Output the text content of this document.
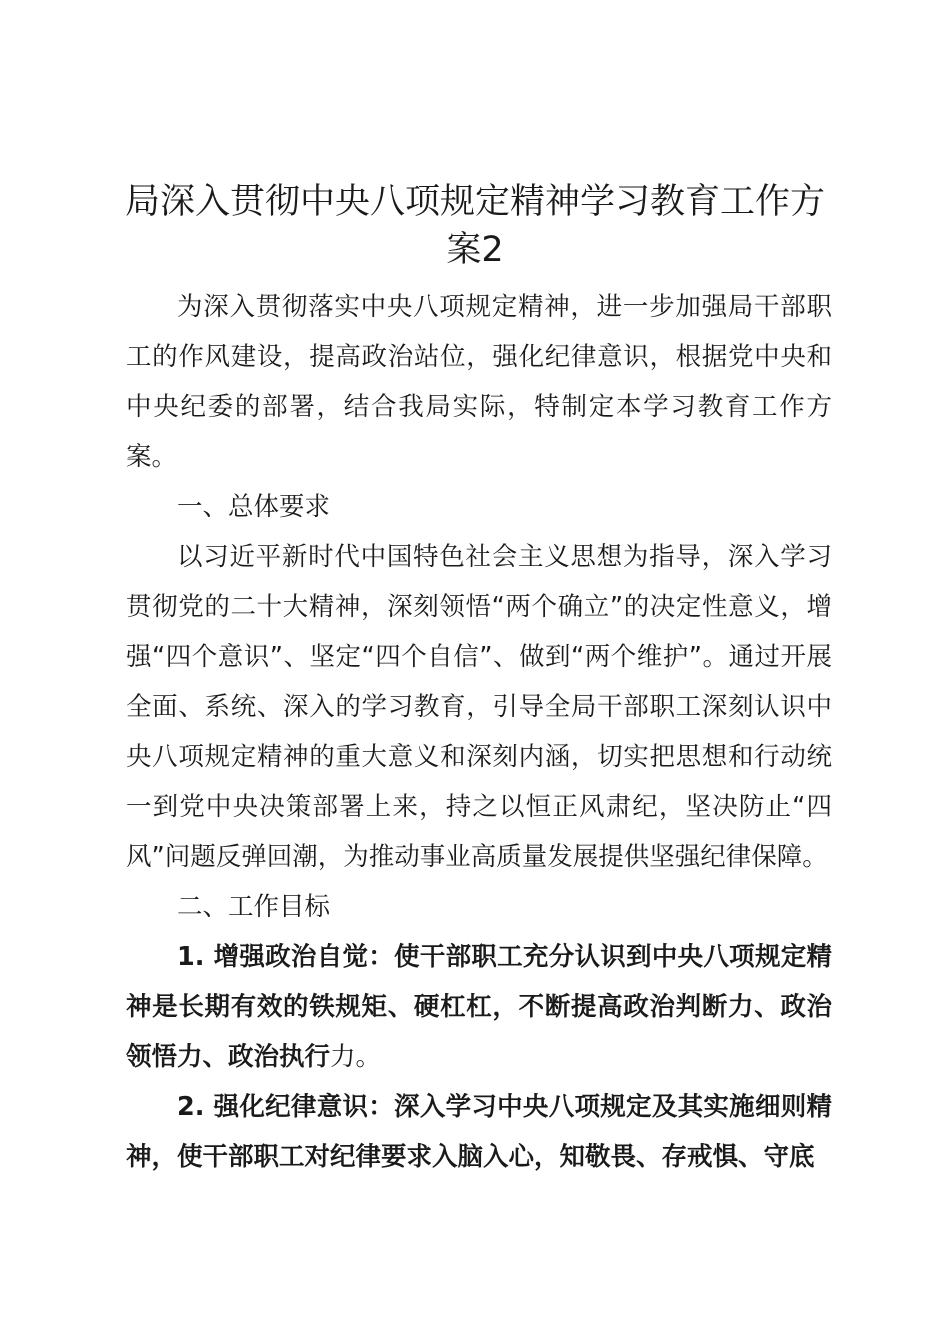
局深入贯彻中央八项规定精神学习教育工作方案2

为深入贯彻落实中央八项规定精神，进一步加强局干部职工的作风建设，提高政治站位，强化纪律意识，根据党中央和中央纪委的部署，结合我局实际，特制定本学习教育工作方案。

一、总体要求

以习近平新时代中国特色社会主义思想为指导，深入学习贯彻党的二十大精神，深刻领悟“两个确立”的决定性意义，增强“四个意识”、坚定“四个自信”、做到“两个维护”。通过开展全面、系统、深入的学习教育，引导全局干部职工深刻认识中央八项规定精神的重大意义和深刻内涵，切实把思想和行动统一到党中央决策部署上来，持之以恒正风肃纪，坚决防止“四风”问题反弹回潮，为推动事业高质量发展提供坚强纪律保障。

二、工作目标

1. 增强政治自觉：使干部职工充分认识到中央八项规定精神是长期有效的铁规矩、硬杠杠，不断提高政治判断力、政治领悟力、政治执行力。

2. 强化纪律意识：深入学习中央八项规定及其实施细则精神，使干部职工对纪律要求入脑入心，知敬畏、存戒惧、守底
